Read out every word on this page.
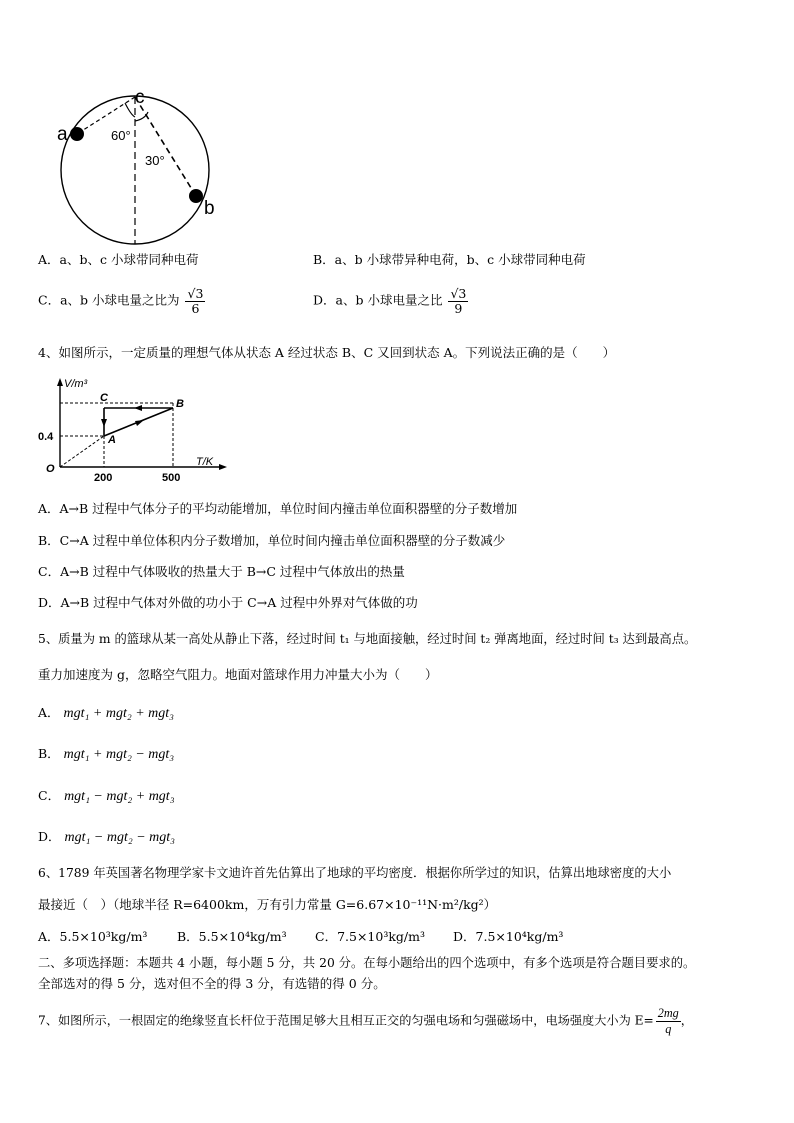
a
b
c
60°
30°
A．a、b、c 小球带同种电荷	B．a、b 小球带异种电荷，b、c 小球带同种电荷
C．a、b 小球电量之比为 $\frac{√3}{6}$	D．a、b 小球电量之比 $\frac{√3}{9}$
4、如图所示，一定质量的理想气体从状态 A 经过状态 B、C 又回到状态 A。下列说法正确的是（　　）
V/m³
T/K
O
0.4
200	500
A
B
C
A．A→B 过程中气体分子的平均动能增加，单位时间内撞击单位面积器壁的分子数增加
B．C→A 过程中单位体积内分子数增加，单位时间内撞击单位面积器壁的分子数减少
C．A→B 过程中气体吸收的热量大于 B→C 过程中气体放出的热量
D．A→B 过程中气体对外做的功小于 C→A 过程中外界对气体做的功
5、质量为 m 的篮球从某一高处从静止下落，经过时间 t₁ 与地面接触，经过时间 t₂ 弹离地面，经过时间 t₃ 达到最高点。
重力加速度为 g，忽略空气阻力。地面对篮球作用力冲量大小为（　　）
A． mgt₁ + mgt₂ + mgt₃
B． mgt₁ + mgt₂ − mgt₃
C． mgt₁ − mgt₂ + mgt₃
D． mgt₁ − mgt₂ − mgt₃
6、1789 年英国著名物理学家卡文迪许首先估算出了地球的平均密度．根据你所学过的知识，估算出地球密度的大小
最接近（　）（地球半径 R=6400km，万有引力常量 G=6.67×10⁻¹¹N·m²/kg²）
A．5.5×10³kg/m³ B．5.5×10⁴kg/m³ C．7.5×10³kg/m³ D．7.5×10⁴kg/m³
二、多项选择题：本题共 4 小题，每小题 5 分，共 20 分。在每小题给出的四个选项中，有多个选项是符合题目要求的。
全部选对的得 5 分，选对但不全的得 3 分，有选错的得 0 分。
7、如图所示，一根固定的绝缘竖直长杆位于范围足够大且相互正交的匀强电场和匀强磁场中，电场强度大小为 $E= \frac{2mg}{q}$ ，
